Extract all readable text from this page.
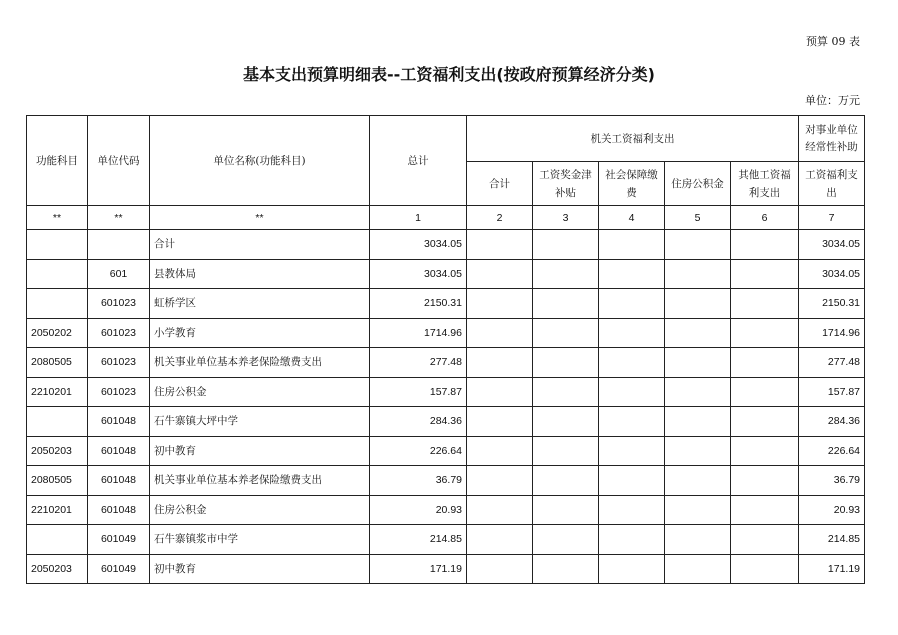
预算 09 表
基本支出预算明细表--工资福利支出(按政府预算经济分类)
单位：万元
功能科目	单位代码	单位名称(功能科目)	总计	机关工资福利支出					对事业单位经常性补助
				合计	工资奖金津补贴	社会保障缴费	住房公积金	其他工资福利支出	工资福利支出
**	**	**	1	2	3	4	5	6	7
		合计	3034.05						3034.05
	601	县教体局	3034.05						3034.05
	601023	虹桥学区	2150.31						2150.31
2050202	601023	小学教育	1714.96						1714.96
2080505	601023	机关事业单位基本养老保险缴费支出	277.48						277.48
2210201	601023	住房公积金	157.87						157.87
	601048	石牛寨镇大坪中学	284.36						284.36
2050203	601048	初中教育	226.64						226.64
2080505	601048	机关事业单位基本养老保险缴费支出	36.79						36.79
2210201	601048	住房公积金	20.93						20.93
	601049	石牛寨镇浆市中学	214.85						214.85
2050203	601049	初中教育	171.19						171.19
